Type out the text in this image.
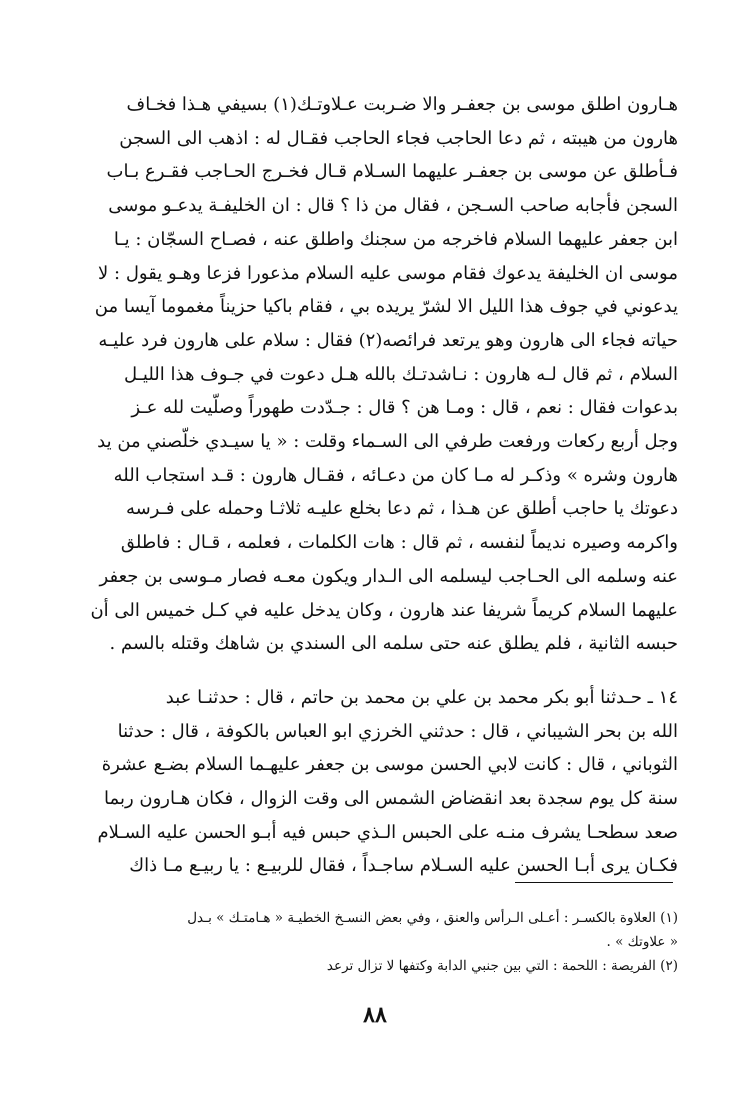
هـارون اطلق موسى بن جعفـر والا ضـربت عـلاوتـك(١) بسيفي هـذا فخـاف
هارون من هيبته ، ثم دعا الحاجب فجاء الحاجب فقـال له : اذهب الى السجن
فـأطلق عن موسى بن جعفـر عليهما السـلام قـال فخـرج الحـاجب فقـرع بـاب
السجن فأجابه صاحب السـجن ، فقال من ذا ؟ قال : ان الخليفـة يدعـو موسى
ابن جعفر عليهما السلام فاخرجه من سجنك واطلق عنه ، فصـاح السجّان : يـا
موسى ان الخليفة يدعوك فقام موسى عليه السلام مذعورا فزعا وهـو يقول : لا
يدعوني في جوف هذا الليل الا لشرّ يريده بي ، فقام باكيا حزيناً مغموما آيسا من
حياته فجاء الى هارون وهو يرتعد فرائصه(٢) فقال : سلام على هارون فرد عليـه
السلام ، ثم قال لـه هارون : نـاشدتـك بالله هـل دعوت في جـوف هذا الليـل
بدعوات فقال : نعم ، قال : ومـا هن ؟ قال : جـدّدت طهوراً وصلّيت لله عـز
وجل أربع ركعات ورفعت طرفي الى السـماء وقلت : « يا سيـدي خلّصني من يد
هارون وشره » وذكـر له مـا كان من دعـائه ، فقـال هارون : قـد استجاب الله
دعوتك يا حاجب أطلق عن هـذا ، ثم دعا بخلع عليـه ثلاثـا وحمله على فـرسه
واكرمه وصيره نديماً لنفسه ، ثم قال : هات الكلمات ، فعلمه ، قـال : فاطلق
عنه وسلمه الى الحـاجب ليسلمه الى الـدار ويكون معـه فصار مـوسى بن جعفر
عليهما السلام كريماً شريفا عند هارون ، وكان يدخل عليه في كـل خميس الى أن
حبسه الثانية ، فلم يطلق عنه حتى سلمه الى السندي بن شاهك وقتله بالسم .
١٤ ـ حـدثنا أبو بكر محمد بن علي بن محمد بن حاتم ، قال : حدثنـا عبد
الله بن بحر الشيباني ، قال : حدثني الخرزي ابو العباس بالكوفة ، قال : حدثنا
الثوباني ، قال : كانت لابي الحسن موسى بن جعفر عليهـما السلام بضـع عشرة
سنة كل يوم سجدة بعد انقضاض الشمس الى وقت الزوال ، فكان هـارون ربما
صعد سطحـا يشرف منـه على الحبس الـذي حبس فيه أبـو الحسن عليه السـلام
فكـان يرى أبـا الحسن عليه السـلام ساجـداً ، فقال للربيـع : يا ربيـع مـا ذاك
(١) العلاوة بالكسـر : أعـلى الـرأس والعنق ، وفي بعض النسـخ الخطيـة « هـامتـك » بـدل
« علاوتك » .
(٢) الفريصة : اللحمة : التي بين جنبي الدابة وكتفها لا تزال ترعد
٨٨
